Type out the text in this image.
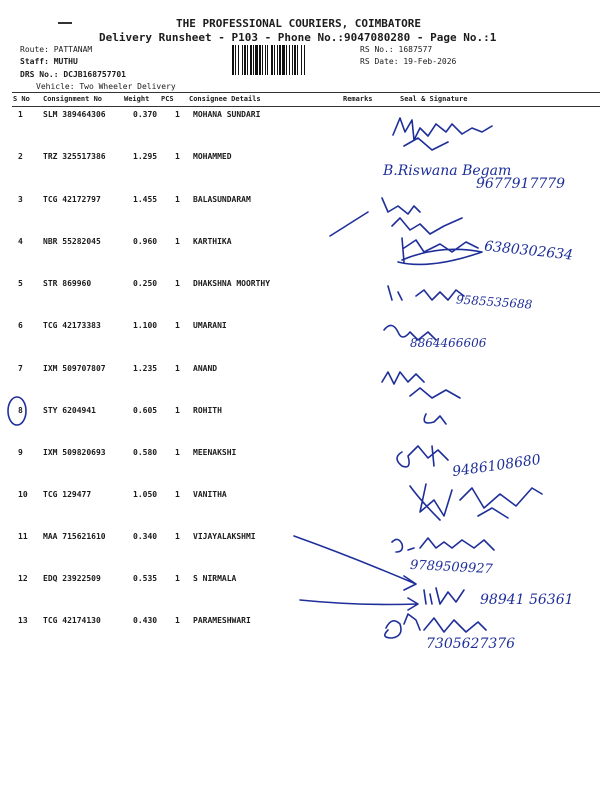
THE PROFESSIONAL COURIERS, COIMBATORE
Delivery Runsheet - P103 - Phone No.:9047080280 - Page No.:1
Route: PATTANAM
Staff: MUTHU
DRS No.: DCJB168757701
Vehicle: Two Wheeler Delivery
RS No.: 1687577
RS Date: 19-Feb-2026
S No Consignment No	Weight PCS Consignee Details	Remarks	Seal & Signature
1	SLM 389464306	0.370 1 MOHANA SUNDARI
2	TRZ 325517386	1.295 1 MOHAMMED
3	TCG 42172797	1.455 1 BALASUNDARAM
4	NBR 55282045	0.960 1 KARTHIKA
5	STR 869960	0.250 1 DHAKSHNA MOORTHY
6	TCG 42173383	1.100 1 UMARANI
7	IXM 509707807	1.235 1 ANAND
8	STY 6204941	0.605 1 ROHITH
9	IXM 509820693	0.580 1 MEENAKSHI
10 TCG 129477	1.050 1 VANITHA
11 MAA 715621610	0.340 1 VIJAYALAKSHMI
12 EDQ 23922509	0.535 1 S NIRMALA
13 TCG 42174130	0.430 1 PARAMESHWARI
B.Riswana Begam
9677917779
6380302634
9585535688
8864466606
9486108680
9789509927
98941 56361
7305627376
